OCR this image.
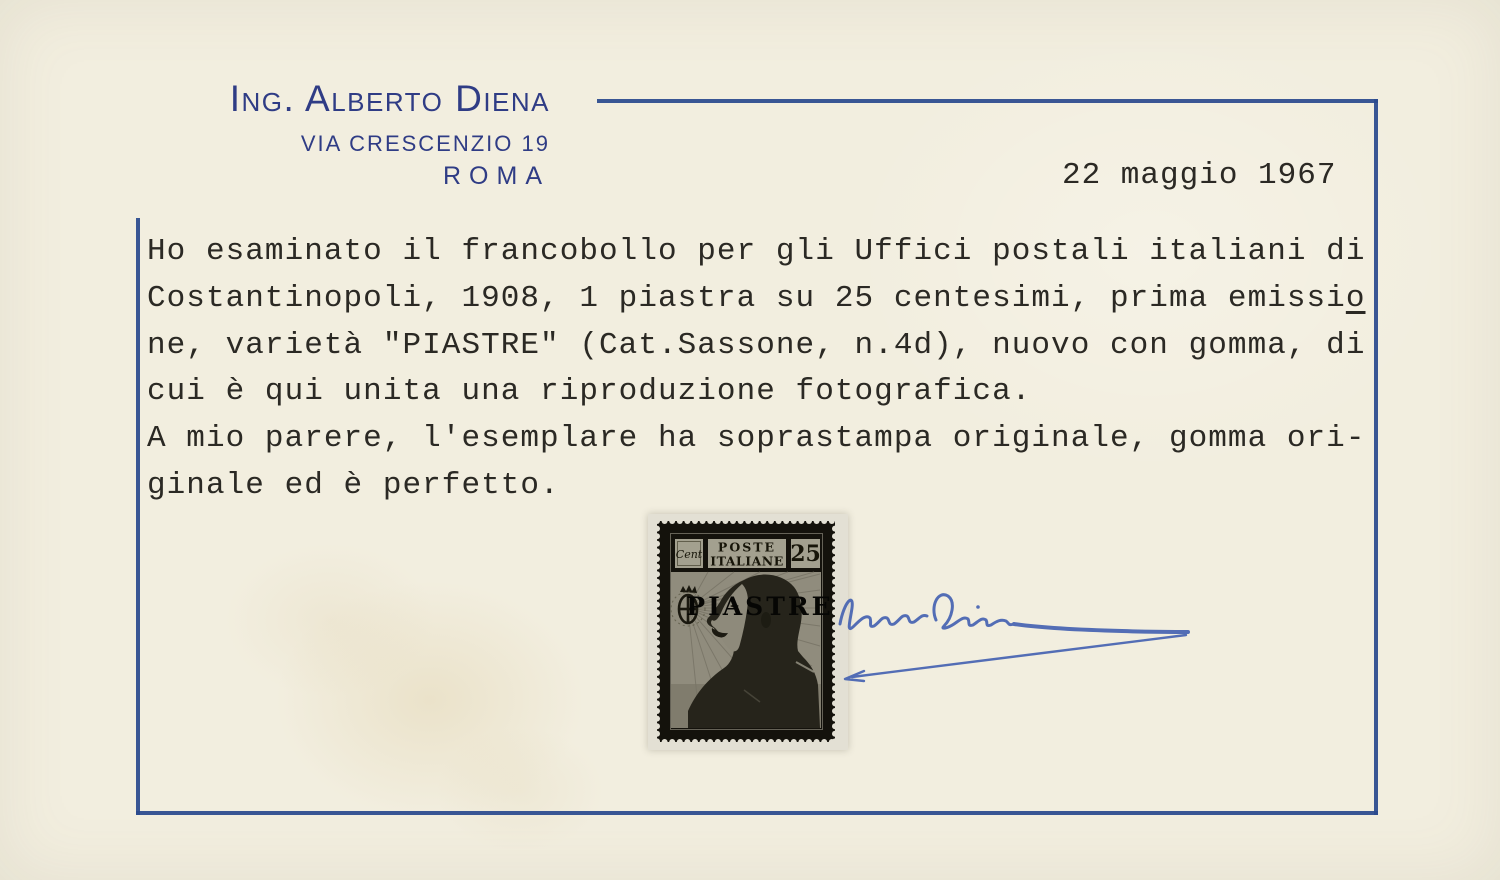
Ing. Alberto Diena
VIA CRESCENZIO 19
ROMA	22 maggio 1967
Ho esaminato il francobollo per gli Uffici postali italiani di
Costantinopoli, 1908, 1 piastra su 25 centesimi, prima emissio
ne, varietà "PIASTRE" (Cat.Sassone, n.4d), nuovo con gomma, di
cui è qui unita una riproduzione fotografica.
A mio parere, l'esemplare ha soprastampa originale, gomma ori-
ginale ed è perfetto.
Cent POSTE
ITALIANE 25
PIASTRE
